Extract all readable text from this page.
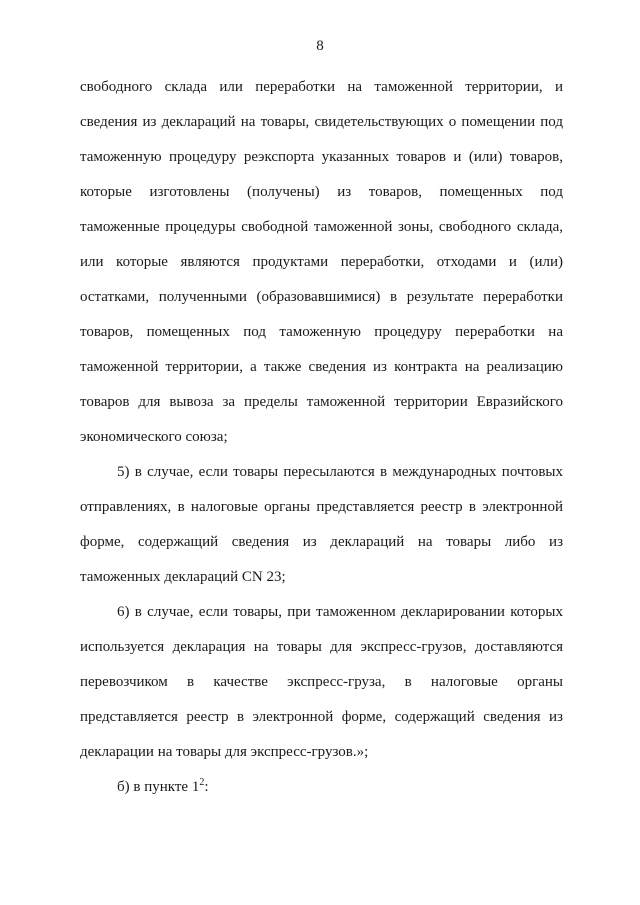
8

свободного склада или переработки на таможенной территории, и сведения из деклараций на товары, свидетельствующих о помещении под таможенную процедуру реэкспорта указанных товаров и (или) товаров, которые изготовлены (получены) из товаров, помещенных под таможенные процедуры свободной таможенной зоны, свободного склада, или которые являются продуктами переработки, отходами и (или) остатками, полученными (образовавшимися) в результате переработки товаров, помещенных под таможенную процедуру переработки на таможенной территории, а также сведения из контракта на реализацию товаров для вывоза за пределы таможенной территории Евразийского экономического союза;

5) в случае, если товары пересылаются в международных почтовых отправлениях, в налоговые органы представляется реестр в электронной форме, содержащий сведения из деклараций на товары либо из таможенных деклараций CN 23;

6) в случае, если товары, при таможенном декларировании которых используется декларация на товары для экспресс-грузов, доставляются перевозчиком в качестве экспресс-груза, в налоговые органы представляется реестр в электронной форме, содержащий сведения из декларации на товары для экспресс-грузов.»;

б) в пункте $1^2$:
